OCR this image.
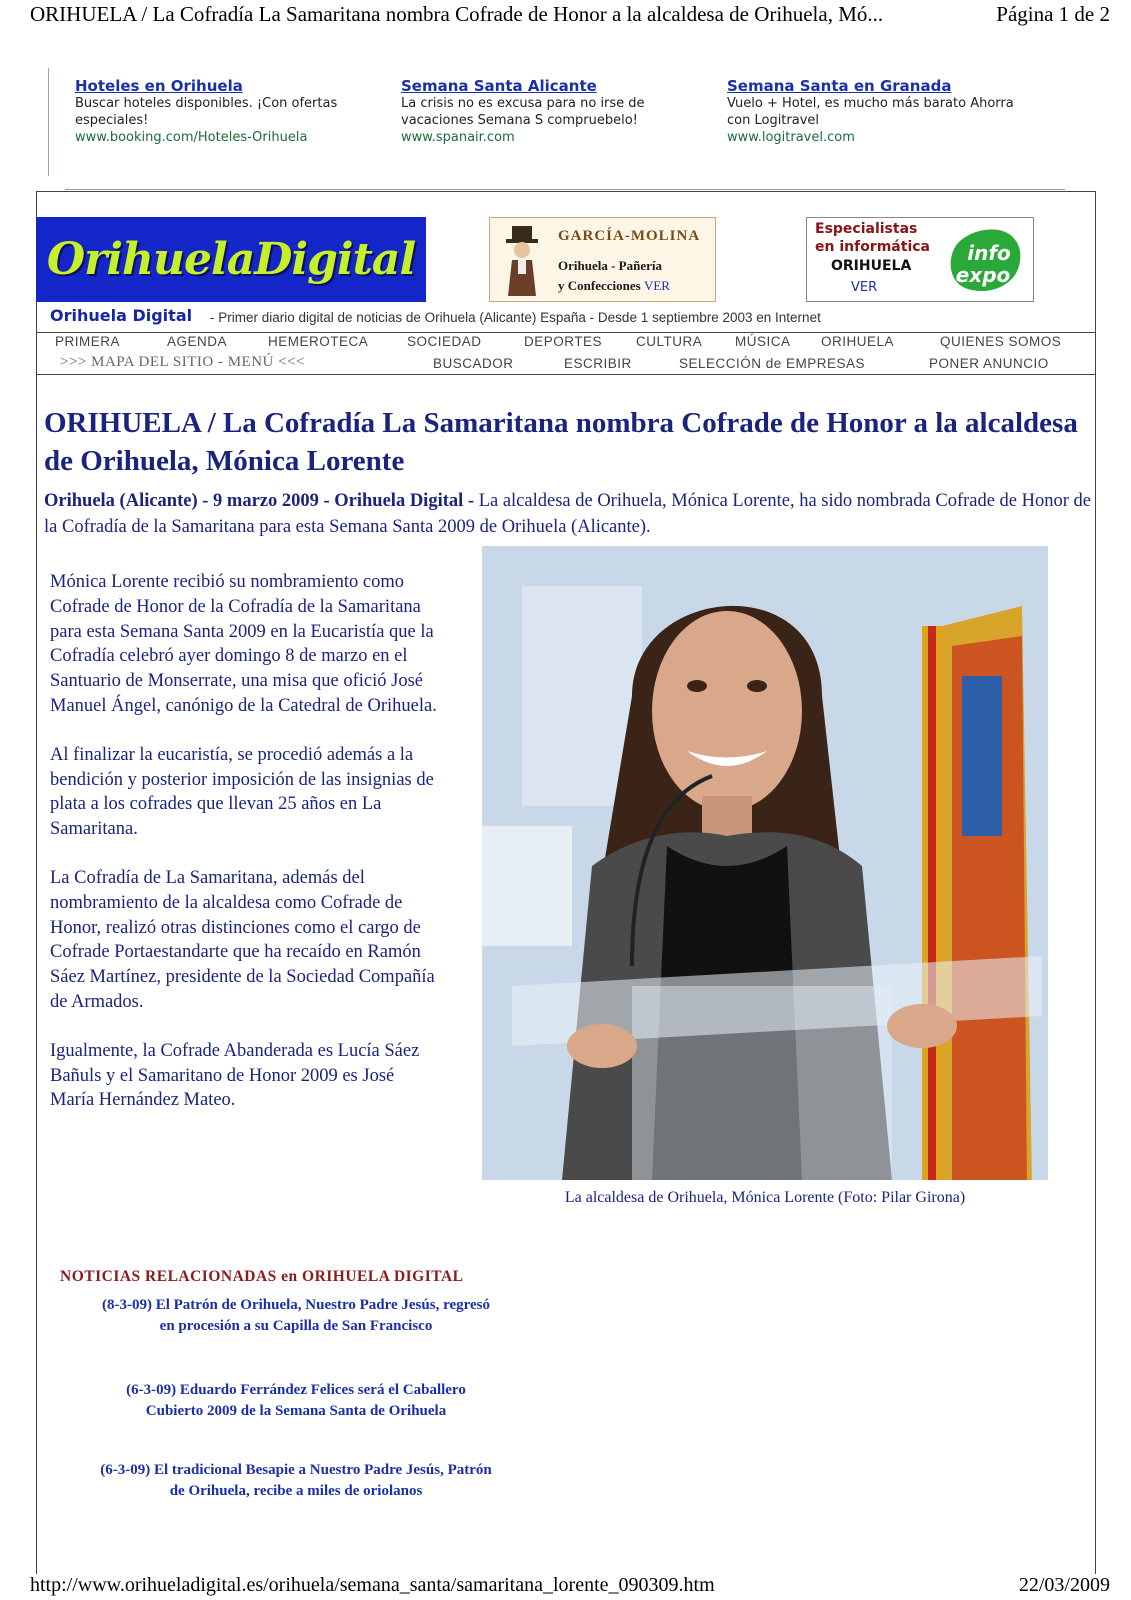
ORIHUELA / La Cofradía La Samaritana nombra Cofrade de Honor a la alcaldesa de Orihuela, Mó...	Página 1 de 2
Hoteles en Orihuela
Buscar hoteles disponibles. ¡Con ofertas especiales!
www.booking.com/Hoteles-Orihuela
Semana Santa Alicante
La crisis no es excusa para no irse de vacaciones Semana S compruebelo!
www.spanair.com
Semana Santa en Granada
Vuelo + Hotel, es mucho más barato Ahorra con Logitravel
www.logitravel.com
OrihuelaDigital	GARCÍA-MOLINA
Orihuela - Pañería
y Confecciones VER
Especialistas
en informática
ORIHUELA
VER
info
expo
Orihuela Digital - Primer diario digital de noticias de Orihuela (Alicante) España - Desde 1 septiembre 2003 en Internet
PRIMERA	AGENDA	HEMEROTECA	SOCIEDAD	DEPORTES	CULTURA MÚSICA ORIHUELA	QUIENES SOMOS
>>> MAPA DEL SITIO - MENÚ <<<	BUSCADOR	ESCRIBIR	SELECCIÓN de EMPRESAS	PONER ANUNCIO
ORIHUELA / La Cofradía La Samaritana nombra Cofrade de Honor a la alcaldesa de Orihuela, Mónica Lorente
Orihuela (Alicante) - 9 marzo 2009 - Orihuela Digital - La alcaldesa de Orihuela, Mónica Lorente, ha sido nombrada Cofrade de Honor de la Cofradía de la Samaritana para esta Semana Santa 2009 de Orihuela (Alicante).

Mónica Lorente recibió su nombramiento como Cofrade de Honor de la Cofradía de la Samaritana para esta Semana Santa 2009 en la Eucaristía que la Cofradía celebró ayer domingo 8 de marzo en el Santuario de Monserrate, una misa que ofició José Manuel Ángel, canónigo de la Catedral de Orihuela.

Al finalizar la eucaristía, se procedió además a la bendición y posterior imposición de las insignias de plata a los cofrades que llevan 25 años en La Samaritana.

La Cofradía de La Samaritana, además del nombramiento de la alcaldesa como Cofrade de Honor, realizó otras distinciones como el cargo de Cofrade Portaestandarte que ha recaído en Ramón Sáez Martínez, presidente de la Sociedad Compañía de Armados.

Igualmente, la Cofrade Abanderada es Lucía Sáez Bañuls y el Samaritano de Honor 2009 es José María Hernández Mateo.

La alcaldesa de Orihuela, Mónica Lorente (Foto: Pilar Girona)
NOTICIAS RELACIONADAS en ORIHUELA DIGITAL
(8-3-09) El Patrón de Orihuela, Nuestro Padre Jesús, regresó
en procesión a su Capilla de San Francisco
(6-3-09) Eduardo Ferrández Felices será el Caballero
Cubierto 2009 de la Semana Santa de Orihuela
(6-3-09) El tradicional Besapie a Nuestro Padre Jesús, Patrón
de Orihuela, recibe a miles de oriolanos
http://www.orihueladigital.es/orihuela/semana_santa/samaritana_lorente_090309.htm	22/03/2009
